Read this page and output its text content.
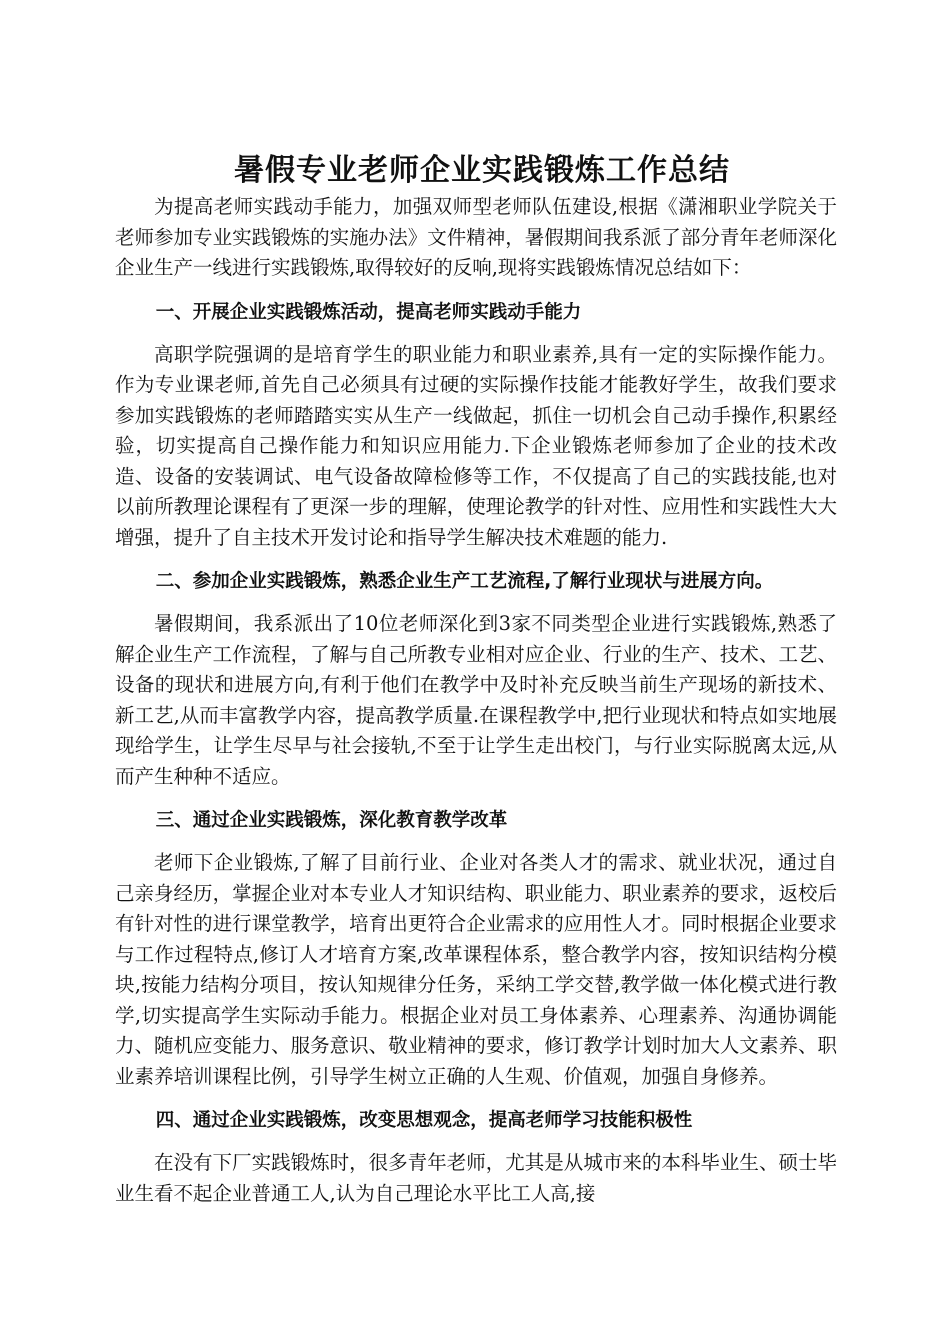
暑假专业老师企业实践锻炼工作总结

为提高老师实践动手能力，加强双师型老师队伍建设,根据《潇湘职业学院关于老师参加专业实践锻炼的实施办法》文件精神，暑假期间我系派了部分青年老师深化企业生产一线进行实践锻炼,取得较好的反响,现将实践锻炼情况总结如下：

一、开展企业实践锻炼活动，提高老师实践动手能力

高职学院强调的是培育学生的职业能力和职业素养,具有一定的实际操作能力。作为专业课老师,首先自己必须具有过硬的实际操作技能才能教好学生，故我们要求参加实践锻炼的老师踏踏实实从生产一线做起，抓住一切机会自己动手操作,积累经验，切实提高自己操作能力和知识应用能力.下企业锻炼老师参加了企业的技术改造、设备的安装调试、电气设备故障检修等工作，不仅提高了自己的实践技能,也对以前所教理论课程有了更深一步的理解，使理论教学的针对性、应用性和实践性大大增强，提升了自主技术开发讨论和指导学生解决技术难题的能力.

二、参加企业实践锻炼，熟悉企业生产工艺流程,了解行业现状与进展方向。

暑假期间，我系派出了10位老师深化到3家不同类型企业进行实践锻炼,熟悉了解企业生产工作流程，了解与自己所教专业相对应企业、行业的生产、技术、工艺、设备的现状和进展方向,有利于他们在教学中及时补充反映当前生产现场的新技术、新工艺,从而丰富教学内容，提高教学质量.在课程教学中,把行业现状和特点如实地展现给学生，让学生尽早与社会接轨,不至于让学生走出校门，与行业实际脱离太远,从而产生种种不适应。

三、通过企业实践锻炼，深化教育教学改革

老师下企业锻炼,了解了目前行业、企业对各类人才的需求、就业状况，通过自己亲身经历，掌握企业对本专业人才知识结构、职业能力、职业素养的要求，返校后有针对性的进行课堂教学，培育出更符合企业需求的应用性人才。同时根据企业要求与工作过程特点,修订人才培育方案,改革课程体系，整合教学内容，按知识结构分模块,按能力结构分项目，按认知规律分任务，采纳工学交替,教学做一体化模式进行教学,切实提高学生实际动手能力。根据企业对员工身体素养、心理素养、沟通协调能力、随机应变能力、服务意识、敬业精神的要求，修订教学计划时加大人文素养、职业素养培训课程比例，引导学生树立正确的人生观、价值观，加强自身修养。

四、通过企业实践锻炼，改变思想观念，提高老师学习技能积极性

在没有下厂实践锻炼时，很多青年老师，尤其是从城市来的本科毕业生、硕士毕业生看不起企业普通工人,认为自己理论水平比工人高,接
